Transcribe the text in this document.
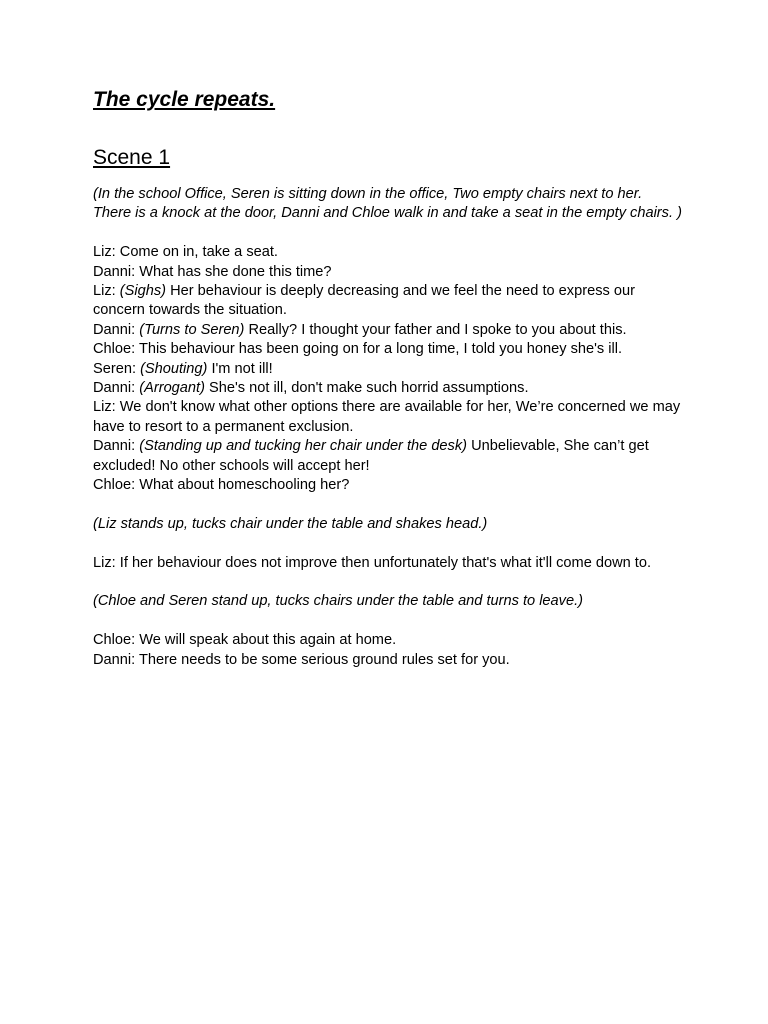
The cycle repeats.
Scene 1

(In the school Office, Seren is sitting down in the office, Two empty chairs next to her. There is a knock at the door, Danni and Chloe walk in and take a seat in the empty chairs. )

Liz: Come on in, take a seat.
Danni: What has she done this time?
Liz: (Sighs) Her behaviour is deeply decreasing and we feel the need to express our concern towards the situation.
Danni: (Turns to Seren) Really? I thought your father and I spoke to you about this.
Chloe: This behaviour has been going on for a long time, I told you honey she's ill.
Seren: (Shouting) I'm not ill!
Danni: (Arrogant) She's not ill, don't make such horrid assumptions.
Liz: We don't know what other options there are available for her, We’re concerned we may have to resort to a permanent exclusion.
Danni: (Standing up and tucking her chair under the desk) Unbelievable, She can’t get excluded! No other schools will accept her!
Chloe: What about homeschooling her?

(Liz stands up, tucks chair under the table and shakes head.)

Liz: If her behaviour does not improve then unfortunately that's what it'll come down to.

(Chloe and Seren stand up, tucks chairs under the table and turns to leave.)

Chloe: We will speak about this again at home.
Danni: There needs to be some serious ground rules set for you.
